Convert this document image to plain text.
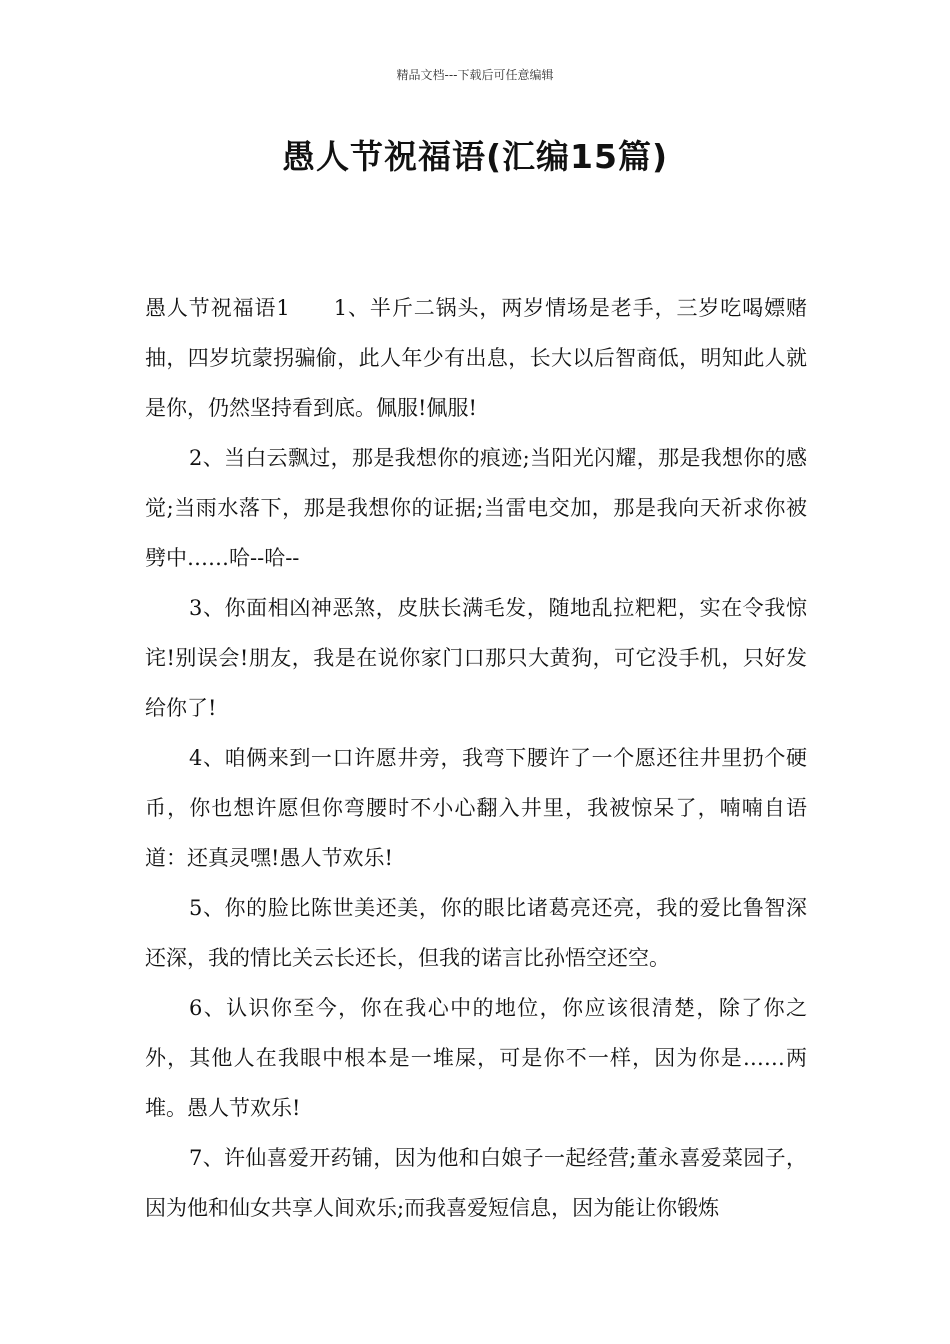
精品文档---下载后可任意编辑
愚人节祝福语(汇编15篇)

愚人节祝福语1 1、半斤二锅头，两岁情场是老手，三岁吃喝嫖赌抽，四岁坑蒙拐骗偷，此人年少有出息，长大以后智商低，明知此人就是你，仍然坚持看到底。佩服!佩服!

2、当白云飘过，那是我想你的痕迹;当阳光闪耀，那是我想你的感觉;当雨水落下，那是我想你的证据;当雷电交加，那是我向天祈求你被劈中……哈--哈--

3、你面相凶神恶煞，皮肤长满毛发，随地乱拉粑粑，实在令我惊诧!别误会!朋友，我是在说你家门口那只大黄狗，可它没手机，只好发给你了!

4、咱俩来到一口许愿井旁，我弯下腰许了一个愿还往井里扔个硬币，你也想许愿但你弯腰时不小心翻入井里，我被惊呆了，喃喃自语道：还真灵嘿!愚人节欢乐!

5、你的脸比陈世美还美，你的眼比诸葛亮还亮，我的爱比鲁智深还深，我的情比关云长还长，但我的诺言比孙悟空还空。

6、认识你至今，你在我心中的地位，你应该很清楚，除了你之外，其他人在我眼中根本是一堆屎，可是你不一样，因为你是……两堆。愚人节欢乐!

7、许仙喜爱开药铺，因为他和白娘子一起经营;董永喜爱菜园子，因为他和仙女共享人间欢乐;而我喜爱短信息，因为能让你锻炼
